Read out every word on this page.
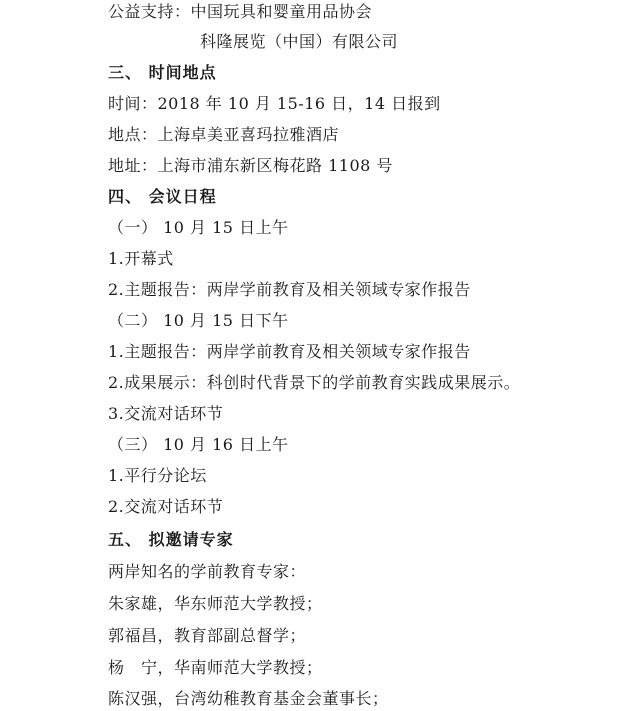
公益支持：中国玩具和婴童用品协会
科隆展览（中国）有限公司
三、 时间地点
时间：2018 年 10 月 15-16 日，14 日报到
地点：上海卓美亚喜玛拉雅酒店
地址：上海市浦东新区梅花路 1108 号
四、 会议日程
（一） 10 月 15 日上午
1.开幕式
2.主题报告：两岸学前教育及相关领域专家作报告
（二） 10 月 15 日下午
1.主题报告：两岸学前教育及相关领域专家作报告
2.成果展示：科创时代背景下的学前教育实践成果展示。
3.交流对话环节
（三） 10 月 16 日上午
1.平行分论坛
2.交流对话环节
五、 拟邀请专家
两岸知名的学前教育专家：
朱家雄，华东师范大学教授；
郭福昌，教育部副总督学；
杨　宁，华南师范大学教授；
陈汉强，台湾幼稚教育基金会董事长；
